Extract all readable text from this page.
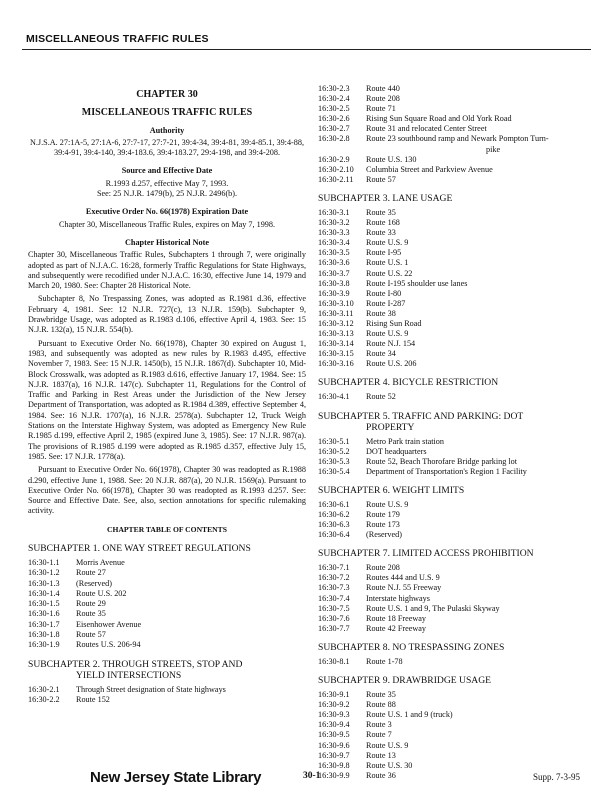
MISCELLANEOUS TRAFFIC RULES
CHAPTER 30
MISCELLANEOUS TRAFFIC RULES
Authority
N.J.S.A. 27:1A-5, 27:1A-6, 27:7-17, 27:7-21, 39:4-34, 39:4-81, 39:4-85.1, 39:4-88, 39:4-91, 39:4-140, 39:4-183.6, 39:4-183.27, 29:4-198, and 39:4-208.
Source and Effective Date
R.1993 d.257, effective May 7, 1993.
See: 25 N.J.R. 1479(b), 25 N.J.R. 2496(b).
Executive Order No. 66(1978) Expiration Date
Chapter 30, Miscellaneous Traffic Rules, expires on May 7, 1998.
Chapter Historical Note

Chapter 30, Miscellaneous Traffic Rules, Subchapters 1 through 7, were originally adopted as part of N.J.A.C. 16:28, formerly Traffic Regulations for State Highways, and subsequently were recodified under N.J.A.C. 16:30, effective June 14, 1979 and March 20, 1980. See: Chapter 28 Historical Note.

Subchapter 8, No Trespassing Zones, was adopted as R.1981 d.36, effective February 4, 1981. See: 12 N.J.R. 727(c), 13 N.J.R. 159(b). Subchapter 9, Drawbridge Usage, was adopted as R.1983 d.106, effective April 4, 1983. See: 15 N.J.R. 132(a), 15 N.J.R. 554(b).

Pursuant to Executive Order No. 66(1978), Chapter 30 expired on August 1, 1983, and subsequently was adopted as new rules by R.1983 d.495, effective November 7, 1983. See: 15 N.J.R. 1450(b), 15 N.J.R. 1867(d). Subchapter 10, Mid-Block Crosswalk, was adopted as R.1983 d.616, effective January 17, 1984. See: 15 N.J.R. 1837(a), 16 N.J.R. 147(c). Subchapter 11, Regulations for the Control of Traffic and Parking in Rest Areas under the Jurisdiction of the New Jersey Department of Transportation, was adopted as R.1984 d.389, effective September 4, 1984. See: 16 N.J.R. 1707(a), 16 N.J.R. 2578(a). Subchapter 12, Truck Weigh Stations on the Interstate Highway System, was adopted as Emergency New Rule R.1985 d.199, effective April 2, 1985 (expired June 3, 1985). See: 17 N.J.R. 987(a). The provisions of R.1985 d.199 were adopted as R.1985 d.357, effective July 15, 1985. See: 17 N.J.R. 1778(a).

Pursuant to Executive Order No. 66(1978), Chapter 30 was readopted as R.1988 d.290, effective June 1, 1988. See: 20 N.J.R. 887(a), 20 N.J.R. 1569(a). Pursuant to Executive Order No. 66(1978), Chapter 30 was readopted as R.1993 d.257. See: Source and Effective Date. See, also, section annotations for specific rulemaking activity.

CHAPTER TABLE OF CONTENTS
SUBCHAPTER 1. ONE WAY STREET REGULATIONS
16:30-1.1	Morris Avenue
16:30-1.2	Route 27
16:30-1.3	(Reserved)
16:30-1.4	Route U.S. 202
16:30-1.5	Route 29
16:30-1.6	Route 35
16:30-1.7	Eisenhower Avenue
16:30-1.8	Route 57
16:30-1.9	Routes U.S. 206-94
SUBCHAPTER 2. THROUGH STREETS, STOP AND
YIELD INTERSECTIONS
16:30-2.1	Through Street designation of State highways
16:30-2.2	Route 152
16:30-2.3	Route 440
16:30-2.4	Route 208
16:30-2.5	Route 71
16:30-2.6	Rising Sun Square Road and Old York Road
16:30-2.7	Route 31 and relocated Center Street
16:30-2.8	Route 23 southbound ramp and Newark Pompton Turn-
pike
16:30-2.9	Route U.S. 130
16:30-2.10	Columbia Street and Parkview Avenue
16:30-2.11	Route 57
SUBCHAPTER 3. LANE USAGE
16:30-3.1	Route 35
16:30-3.2	Route 168
16:30-3.3	Route 33
16:30-3.4	Route U.S. 9
16:30-3.5	Route I-95
16:30-3.6	Route U.S. 1
16:30-3.7	Route U.S. 22
16:30-3.8	Route I-195 shoulder use lanes
16:30-3.9	Route I-80
16:30-3.10	Route I-287
16:30-3.11	Route 38
16:30-3.12	Rising Sun Road
16:30-3.13	Route U.S. 9
16:30-3.14	Route N.J. 154
16:30-3.15	Route 34
16:30-3.16	Route U.S. 206
SUBCHAPTER 4. BICYCLE RESTRICTION
16:30-4.1	Route 52
SUBCHAPTER 5. TRAFFIC AND PARKING: DOT
PROPERTY
16:30-5.1	Metro Park train station
16:30-5.2	DOT headquarters
16:30-5.3	Route 52, Beach Thorofare Bridge parking lot
16:30-5.4	Department of Transportation's Region 1 Facility
SUBCHAPTER 6. WEIGHT LIMITS
16:30-6.1	Route U.S. 9
16:30-6.2	Route 179
16:30-6.3	Route 173
16:30-6.4	(Reserved)
SUBCHAPTER 7. LIMITED ACCESS PROHIBITION
16:30-7.1	Route 208
16:30-7.2	Routes 444 and U.S. 9
16:30-7.3	Route N.J. 55 Freeway
16:30-7.4	Interstate highways
16:30-7.5	Route U.S. 1 and 9, The Pulaski Skyway
16:30-7.6	Route 18 Freeway
16:30-7.7	Route 42 Freeway
SUBCHAPTER 8. NO TRESPASSING ZONES
16:30-8.1	Route 1-78
SUBCHAPTER 9. DRAWBRIDGE USAGE
16:30-9.1	Route 35
16:30-9.2	Route 88
16:30-9.3	Route U.S. 1 and 9 (truck)
16:30-9.4	Route 3
16:30-9.5	Route 7
16:30-9.6	Route U.S. 9
16:30-9.7	Route 13
16:30-9.8	Route U.S. 30
16:30-9.9	Route 36
New Jersey State Library	30-1	Supp. 7-3-95
